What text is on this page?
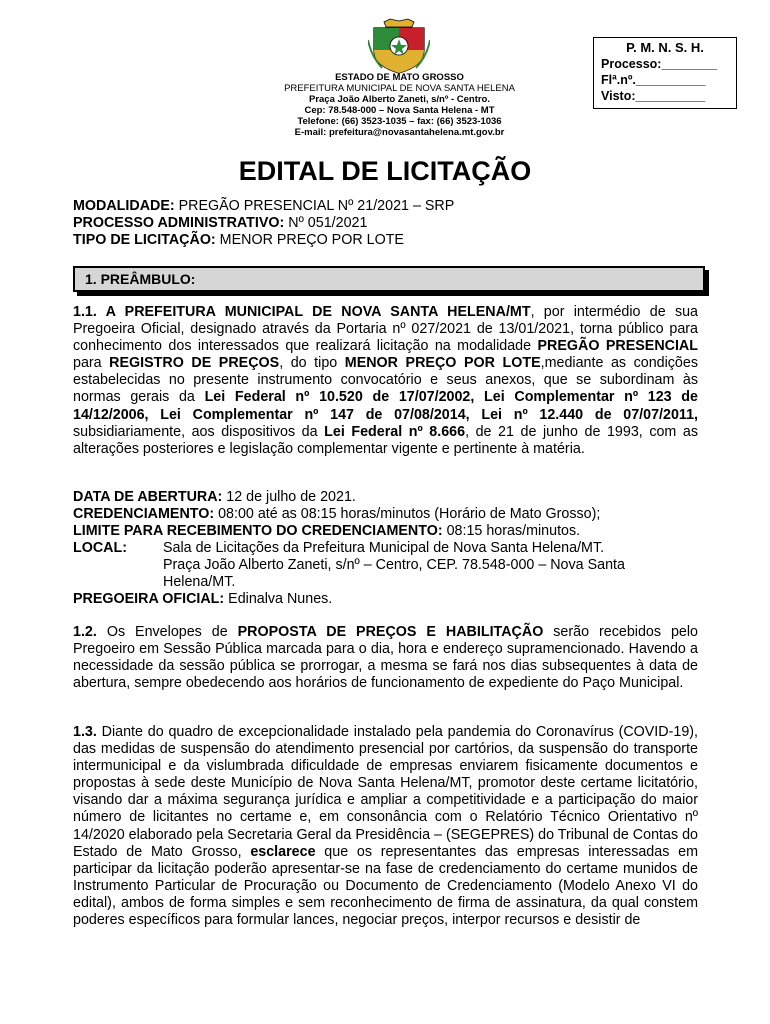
ESTADO DE MATO GROSSO
PREFEITURA MUNICIPAL DE NOVA SANTA HELENA
Praça João Alberto Zaneti, s/nº - Centro.
Cep: 78.548-000 – Nova Santa Helena - MT
Telefone: (66) 3523-1035 – fax: (66) 3523-1036
E-mail: prefeitura@novasantahelena.mt.gov.br
P. M. N. S. H.
Processo:________
Flª.nº.__________
Visto:__________
EDITAL DE LICITAÇÃO
MODALIDADE: PREGÃO PRESENCIAL Nº 21/2021 – SRP
PROCESSO ADMINISTRATIVO: Nº 051/2021
TIPO DE LICITAÇÃO: MENOR PREÇO POR LOTE
1. PREÂMBULO:
1.1. A PREFEITURA MUNICIPAL DE NOVA SANTA HELENA/MT, por intermédio de sua Pregoeira Oficial, designado através da Portaria nº 027/2021 de 13/01/2021, torna público para conhecimento dos interessados que realizará licitação na modalidade PREGÃO PRESENCIAL para REGISTRO DE PREÇOS, do tipo MENOR PREÇO POR LOTE,mediante as condições estabelecidas no presente instrumento convocatório e seus anexos, que se subordinam às normas gerais da Lei Federal nº 10.520 de 17/07/2002, Lei Complementar nº 123 de 14/12/2006, Lei Complementar nº 147 de 07/08/2014, Lei nº 12.440 de 07/07/2011, subsidiariamente, aos dispositivos da Lei Federal nº 8.666, de 21 de junho de 1993, com as alterações posteriores e legislação complementar vigente e pertinente à matéria.
DATA DE ABERTURA: 12 de julho de 2021.
CREDENCIAMENTO: 08:00 até as 08:15 horas/minutos (Horário de Mato Grosso);
LIMITE PARA RECEBIMENTO DO CREDENCIAMENTO: 08:15 horas/minutos.
LOCAL:	Sala de Licitações da Prefeitura Municipal de Nova Santa Helena/MT.
Praça João Alberto Zaneti, s/nº – Centro, CEP. 78.548-000 – Nova Santa Helena/MT.
PREGOEIRA OFICIAL: Edinalva Nunes.
1.2. Os Envelopes de PROPOSTA DE PREÇOS E HABILITAÇÃO serão recebidos pelo Pregoeiro em Sessão Pública marcada para o dia, hora e endereço supramencionado. Havendo a necessidade da sessão pública se prorrogar, a mesma se fará nos dias subsequentes à data de abertura, sempre obedecendo aos horários de funcionamento de expediente do Paço Municipal.
1.3. Diante do quadro de excepcionalidade instalado pela pandemia do Coronavírus (COVID-19), das medidas de suspensão do atendimento presencial por cartórios, da suspensão do transporte intermunicipal e da vislumbrada dificuldade de empresas enviarem fisicamente documentos e propostas à sede deste Município de Nova Santa Helena/MT, promotor deste certame licitatório, visando dar a máxima segurança jurídica e ampliar a competitividade e a participação do maior número de licitantes no certame e, em consonância com o Relatório Técnico Orientativo nº 14/2020 elaborado pela Secretaria Geral da Presidência – (SEGEPRES) do Tribunal de Contas do Estado de Mato Grosso, esclarece que os representantes das empresas interessadas em participar da licitação poderão apresentar-se na fase de credenciamento do certame munidos de Instrumento Particular de Procuração ou Documento de Credenciamento (Modelo Anexo VI do edital), ambos de forma simples e sem reconhecimento de firma de assinatura, da qual constem poderes específicos para formular lances, negociar preços, interpor recursos e desistir de
